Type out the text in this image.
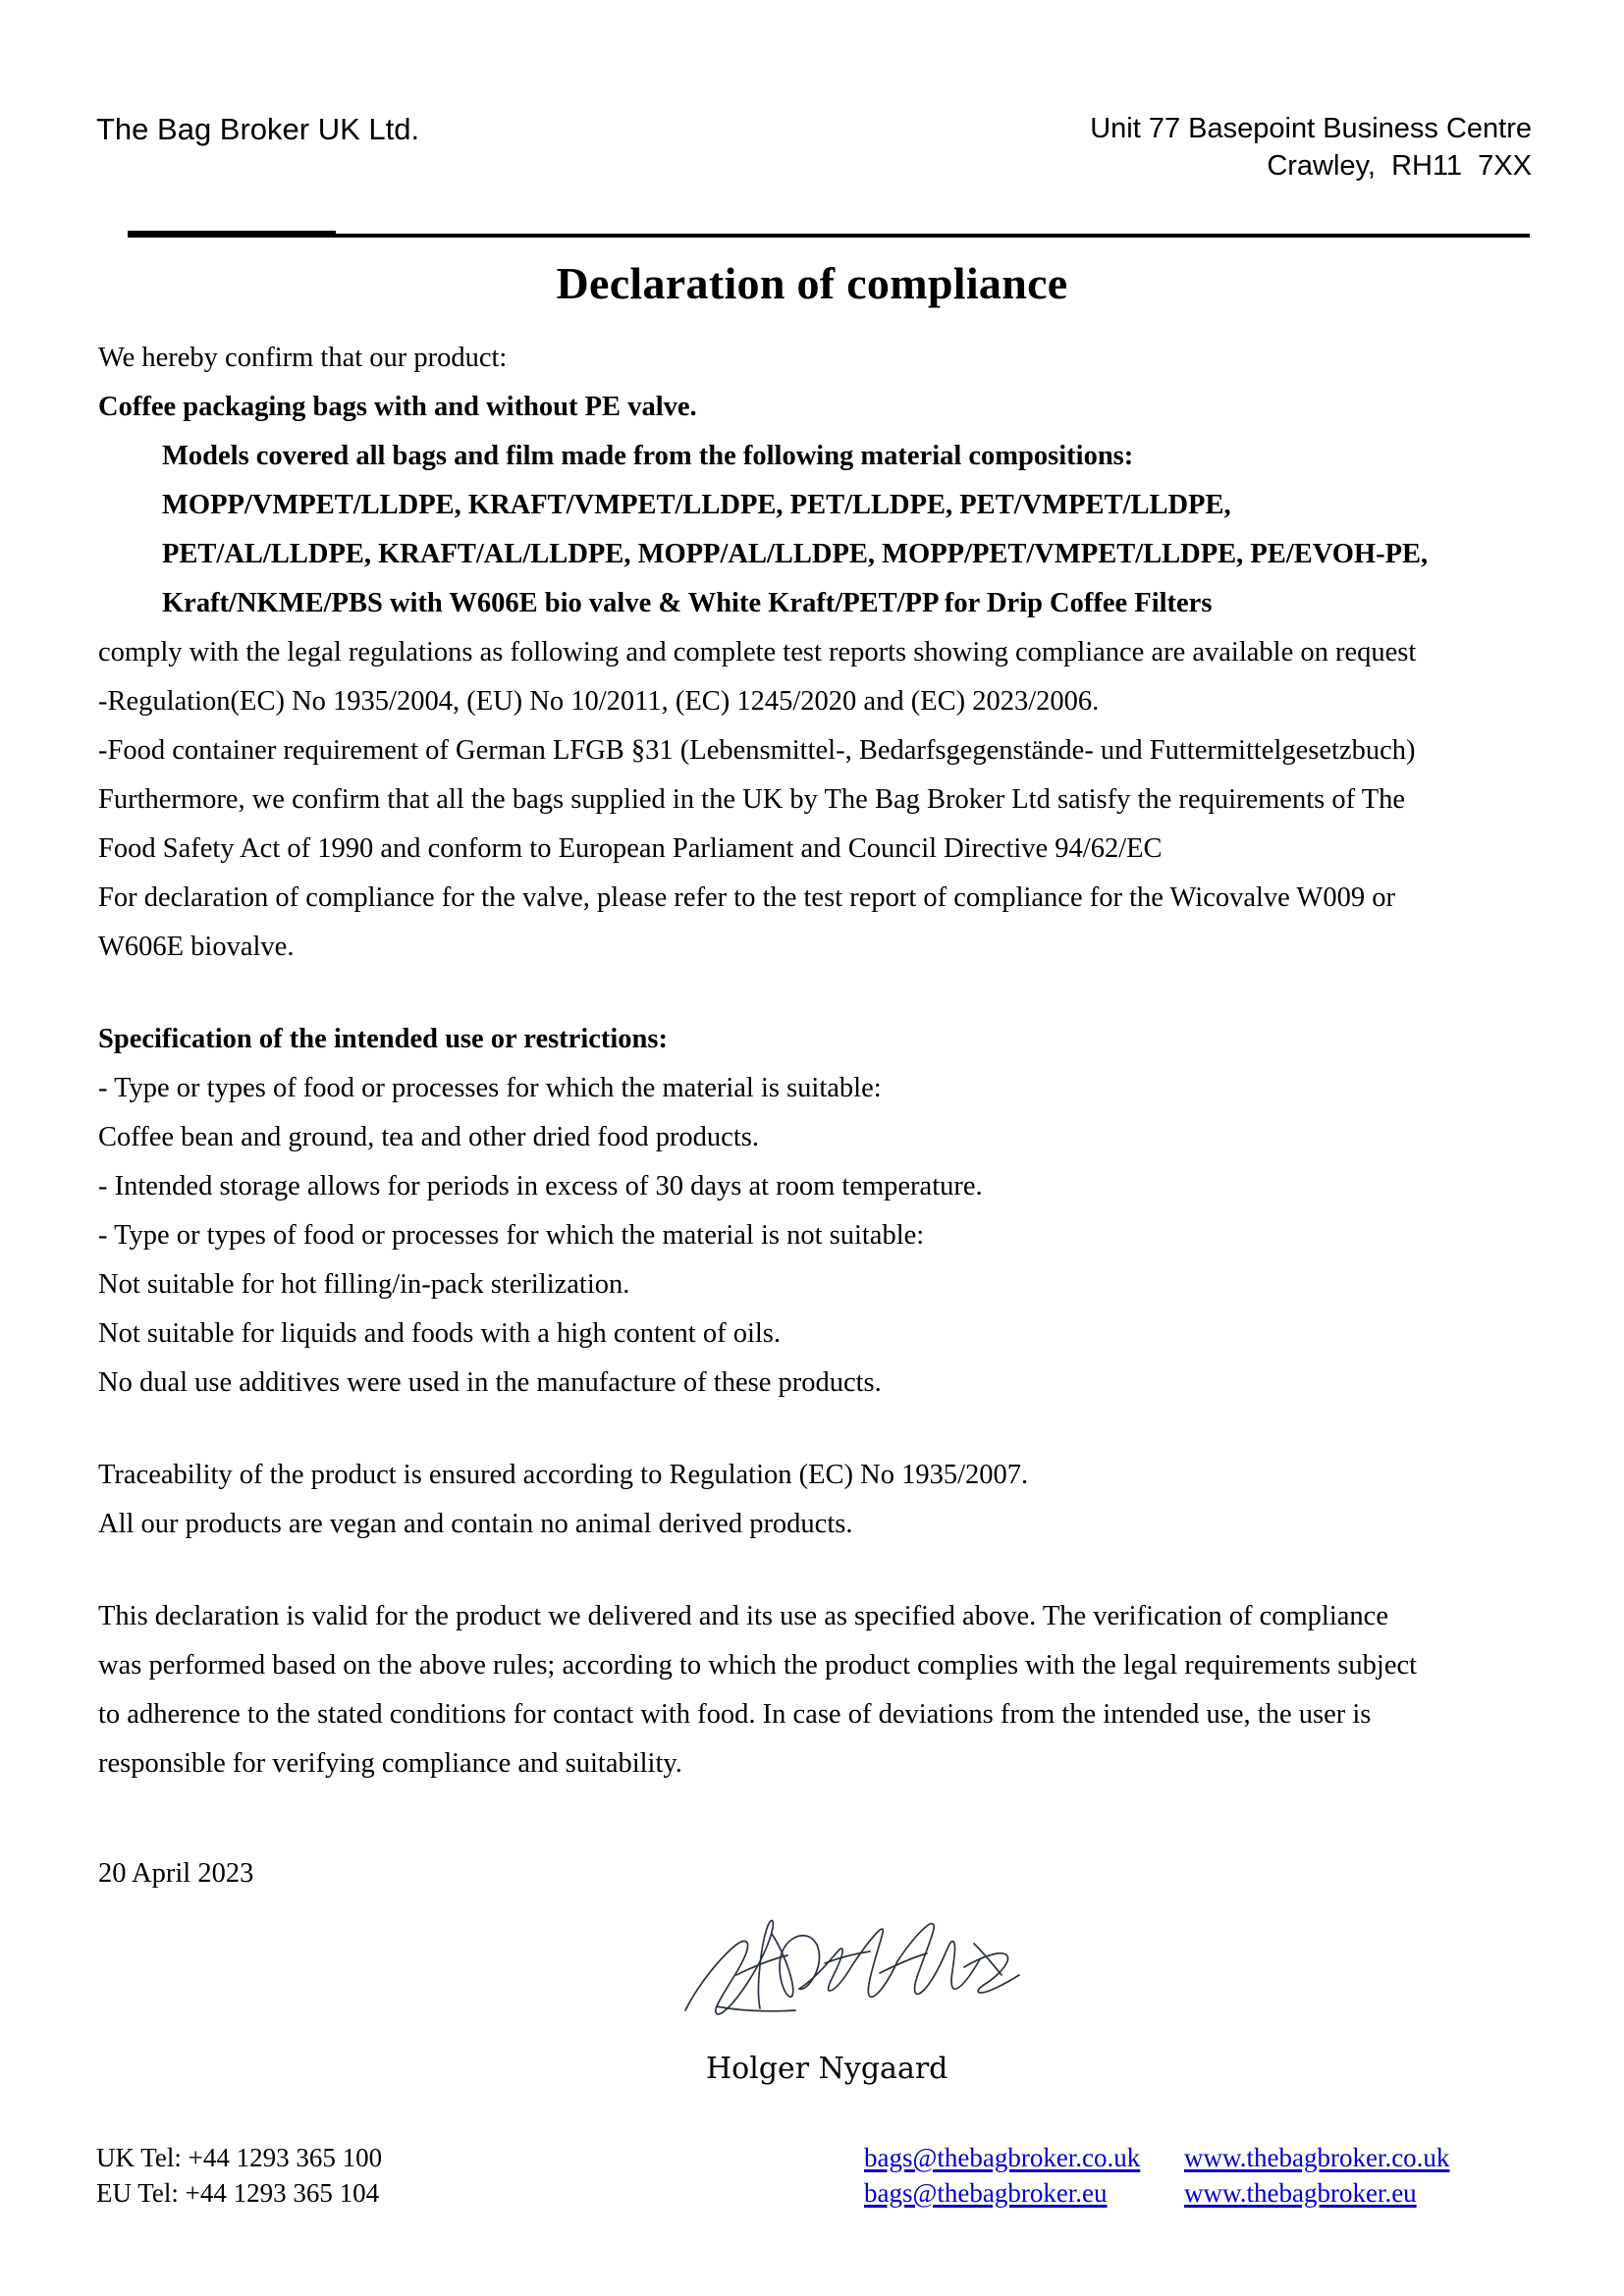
The Bag Broker UK Ltd.	Unit 77 Basepoint Business Centre
Crawley,  RH11  7XX
Declaration of compliance
We hereby confirm that our product:
Coffee packaging bags with and without PE valve.
Models covered all bags and film made from the following material compositions:
MOPP/VMPET/LLDPE, KRAFT/VMPET/LLDPE, PET/LLDPE, PET/VMPET/LLDPE,
PET/AL/LLDPE, KRAFT/AL/LLDPE, MOPP/AL/LLDPE, MOPP/PET/VMPET/LLDPE, PE/EVOH-PE,
Kraft/NKME/PBS with W606E bio valve & White Kraft/PET/PP for Drip Coffee Filters
comply with the legal regulations as following and complete test reports showing compliance are available on request
-Regulation(EC) No 1935/2004, (EU) No 10/2011, (EC) 1245/2020 and (EC) 2023/2006.
-Food container requirement of German LFGB §31 (Lebensmittel-, Bedarfsgegenstände- und Futtermittelgesetzbuch)
Furthermore, we confirm that all the bags supplied in the UK by The Bag Broker Ltd satisfy the requirements of The
Food Safety Act of 1990 and conform to European Parliament and Council Directive 94/62/EC
For declaration of compliance for the valve, please refer to the test report of compliance for the Wicovalve W009 or
W606E biovalve.
Specification of the intended use or restrictions:
- Type or types of food or processes for which the material is suitable:
Coffee bean and ground, tea and other dried food products.
- Intended storage allows for periods in excess of 30 days at room temperature.
- Type or types of food or processes for which the material is not suitable:
Not suitable for hot filling/in-pack sterilization.
Not suitable for liquids and foods with a high content of oils.
No dual use additives were used in the manufacture of these products.
Traceability of the product is ensured according to Regulation (EC) No 1935/2007.
All our products are vegan and contain no animal derived products.
This declaration is valid for the product we delivered and its use as specified above. The verification of compliance
was performed based on the above rules; according to which the product complies with the legal requirements subject
to adherence to the stated conditions for contact with food. In case of deviations from the intended use, the user is
responsible for verifying compliance and suitability.
20 April 2023
Holger Nygaard
UK Tel: +44 1293 365 100
EU Tel: +44 1293 365 104
bags@thebagbroker.co.uk	www.thebagbroker.co.uk
bags@thebagbroker.eu	www.thebagbroker.eu
